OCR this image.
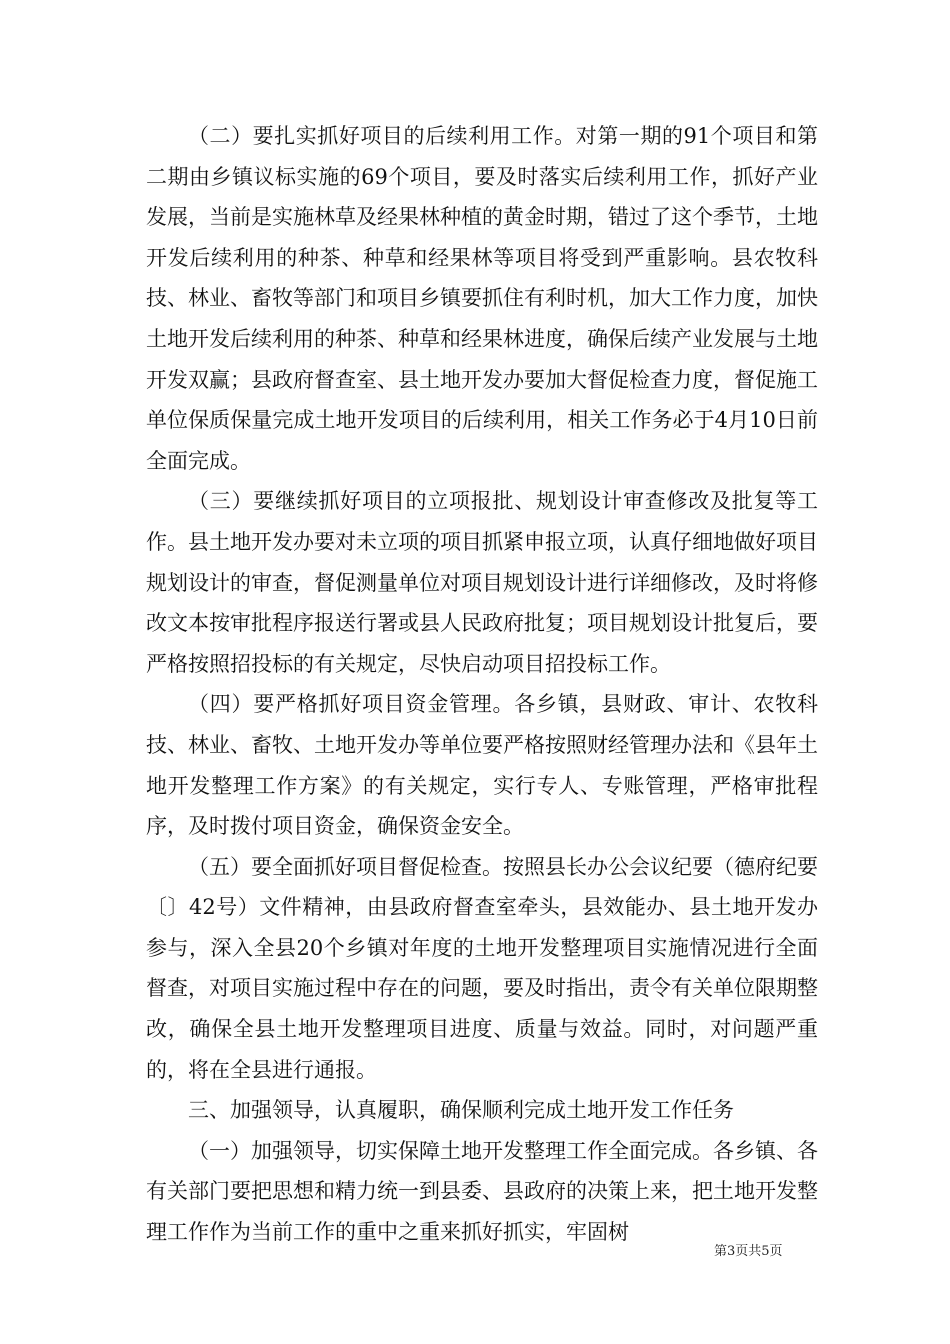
（二）要扎实抓好项目的后续利用工作。对第一期的91个项目和第二期由乡镇议标实施的69个项目，要及时落实后续利用工作，抓好产业发展，当前是实施林草及经果林种植的黄金时期，错过了这个季节，土地开发后续利用的种茶、种草和经果林等项目将受到严重影响。县农牧科技、林业、畜牧等部门和项目乡镇要抓住有利时机，加大工作力度，加快土地开发后续利用的种茶、种草和经果林进度，确保后续产业发展与土地开发双赢；县政府督查室、县土地开发办要加大督促检查力度，督促施工单位保质保量完成土地开发项目的后续利用，相关工作务必于4月10日前全面完成。

（三）要继续抓好项目的立项报批、规划设计审查修改及批复等工作。县土地开发办要对未立项的项目抓紧申报立项，认真仔细地做好项目规划设计的审查，督促测量单位对项目规划设计进行详细修改，及时将修改文本按审批程序报送行署或县人民政府批复；项目规划设计批复后，要严格按照招投标的有关规定，尽快启动项目招投标工作。

（四）要严格抓好项目资金管理。各乡镇，县财政、审计、农牧科技、林业、畜牧、土地开发办等单位要严格按照财经管理办法和《县年土地开发整理工作方案》的有关规定，实行专人、专账管理，严格审批程序，及时拨付项目资金，确保资金安全。

（五）要全面抓好项目督促检查。按照县长办公会议纪要（德府纪要〔〕42号）文件精神，由县政府督查室牵头，县效能办、县土地开发办参与，深入全县20个乡镇对年度的土地开发整理项目实施情况进行全面督查，对项目实施过程中存在的问题，要及时指出，责令有关单位限期整改，确保全县土地开发整理项目进度、质量与效益。同时，对问题严重的，将在全县进行通报。

三、加强领导，认真履职，确保顺利完成土地开发工作任务

（一）加强领导，切实保障土地开发整理工作全面完成。各乡镇、各有关部门要把思想和精力统一到县委、县政府的决策上来，把土地开发整理工作作为当前工作的重中之重来抓好抓实，牢固树

第3页共5页
